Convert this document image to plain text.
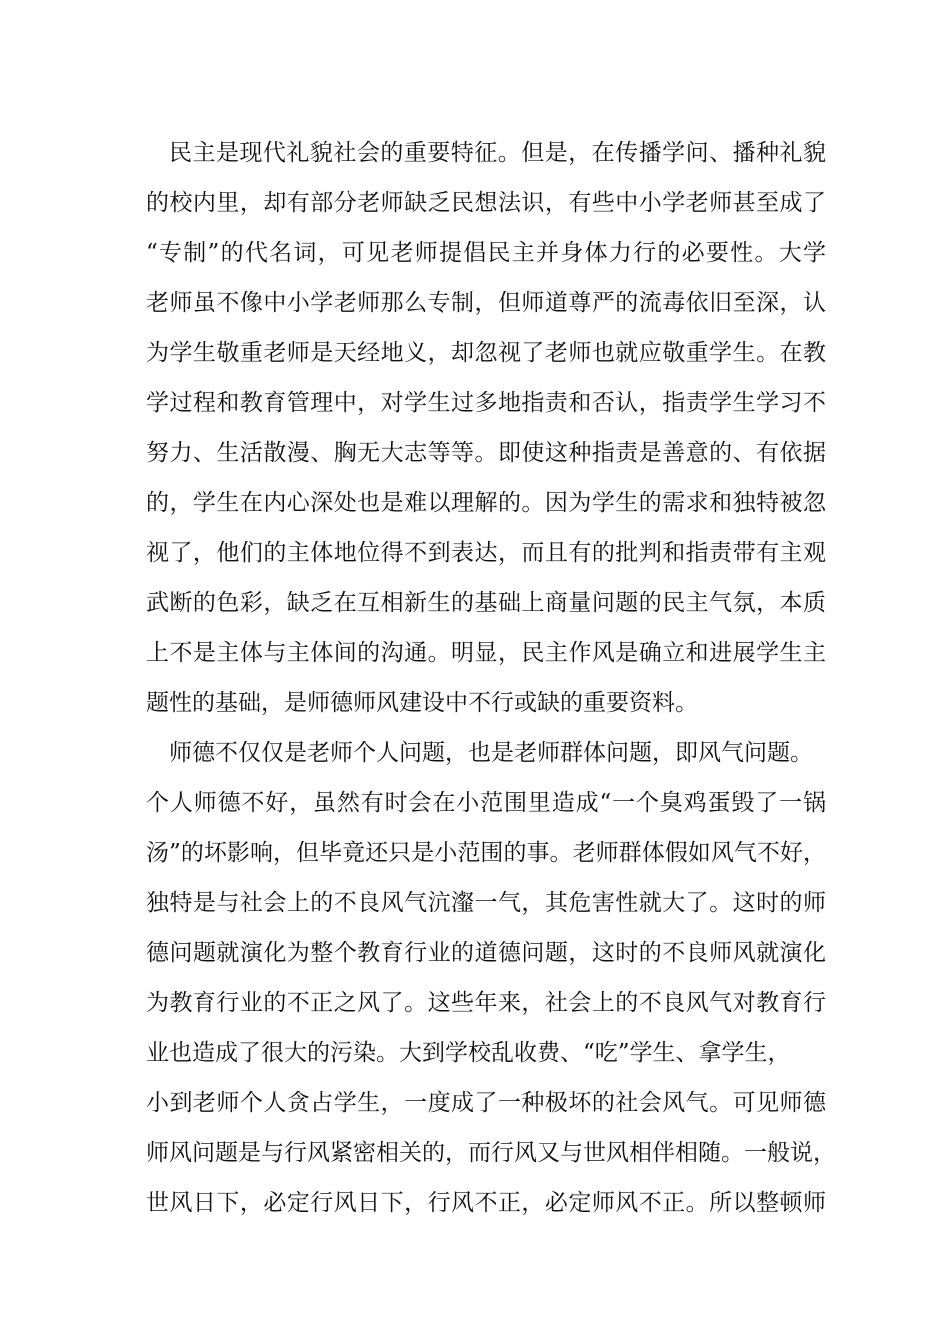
民主是现代礼貌社会的重要特征。但是，在传播学问、播种礼貌
的校内里，却有部分老师缺乏民想法识，有些中小学老师甚至成了
“专制”的代名词，可见老师提倡民主并身体力行的必要性。大学
老师虽不像中小学老师那么专制，但师道尊严的流毒依旧至深，认
为学生敬重老师是天经地义，却忽视了老师也就应敬重学生。在教
学过程和教育管理中，对学生过多地指责和否认，指责学生学习不
努力、生活散漫、胸无大志等等。即使这种指责是善意的、有依据
的，学生在内心深处也是难以理解的。因为学生的需求和独特被忽
视了，他们的主体地位得不到表达，而且有的批判和指责带有主观
武断的色彩，缺乏在互相新生的基础上商量问题的民主气氛，本质
上不是主体与主体间的沟通。明显，民主作风是确立和进展学生主
题性的基础，是师德师风建设中不行或缺的重要资料。
师德不仅仅是老师个人问题，也是老师群体问题，即风气问题。
个人师德不好，虽然有时会在小范围里造成“一个臭鸡蛋毁了一锅
汤”的坏影响，但毕竟还只是小范围的事。老师群体假如风气不好，
独特是与社会上的不良风气沆瀣一气，其危害性就大了。这时的师
德问题就演化为整个教育行业的道德问题，这时的不良师风就演化
为教育行业的不正之风了。这些年来，社会上的不良风气对教育行
业也造成了很大的污染。大到学校乱收费、“吃”学生、拿学生，
小到老师个人贪占学生，一度成了一种极坏的社会风气。可见师德
师风问题是与行风紧密相关的，而行风又与世风相伴相随。一般说，
世风日下，必定行风日下，行风不正，必定师风不正。所以整顿师
